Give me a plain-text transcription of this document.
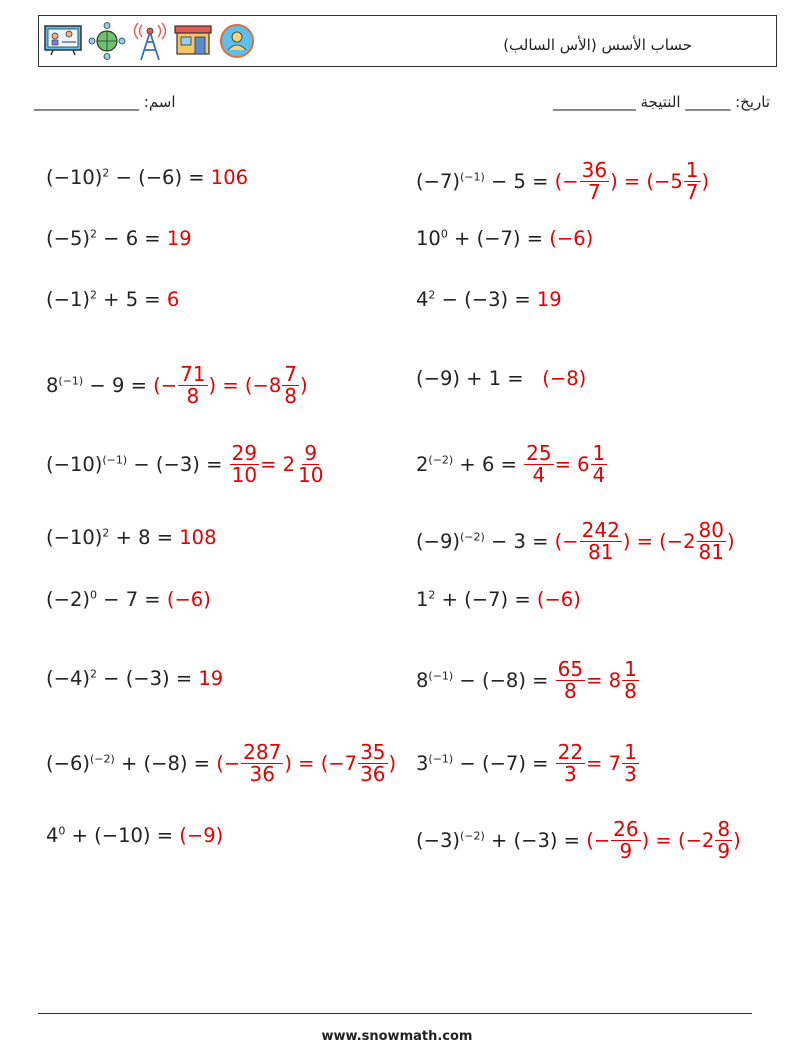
حساب الأسس (الأس السالب)
اسم: ______________	تاريخ: ______ النتيجة ___________
$(-10)^2 - (-6) = 106$
$(-5)^2 - 6 = 19$
$(-1)^2 + 5 = 6$
$8^{(-1)} - 9$ =
(− $\frac{71}{8}$ ) = ($-8 \frac{7}{8}$ )
$(-10)^{(-1)} - (-3)$ =
$\frac{29}{10} = 2 \frac{9}{10}$
$(-10)^2 + 8 = 108$
$(-2)^0 - 7 = (-6)$
$(-4)^2 - (-3) = 19$
$(-6)^{(-2)} + (-8)$ =
(− $\frac{287}{36}$ ) = ($-7 \frac{35}{36}$ )
$4^0 + (-10) = (-9)$
$(-7)^{(-1)} - 5$ =
(− $\frac{36}{7}$ ) = ($-5 \frac{1}{7}$ )
$10^0 + (-7) = (-6)$
$4^2 - (-3) = 19$
(−9) + 1 = (−8)
$2^{(-2)} + 6$ =
$\frac{25}{4} = 6 \frac{1}{4}$
$(-9)^{(-2)} - 3$ =
(− $\frac{242}{81}$ ) = ($-2 \frac{80}{81}$ )
$1^2 + (-7) = (-6)$
$8^{(-1)} - (-8)$ =
$\frac{65}{8} = 8 \frac{1}{8}$
$3^{(-1)} - (-7)$ =
$\frac{22}{3} = 7 \frac{1}{3}$
$(-3)^{(-2)} + (-3)$ =
(− $\frac{26}{9}$ ) = ($-2 \frac{8}{9}$ )
www.snowmath.com
